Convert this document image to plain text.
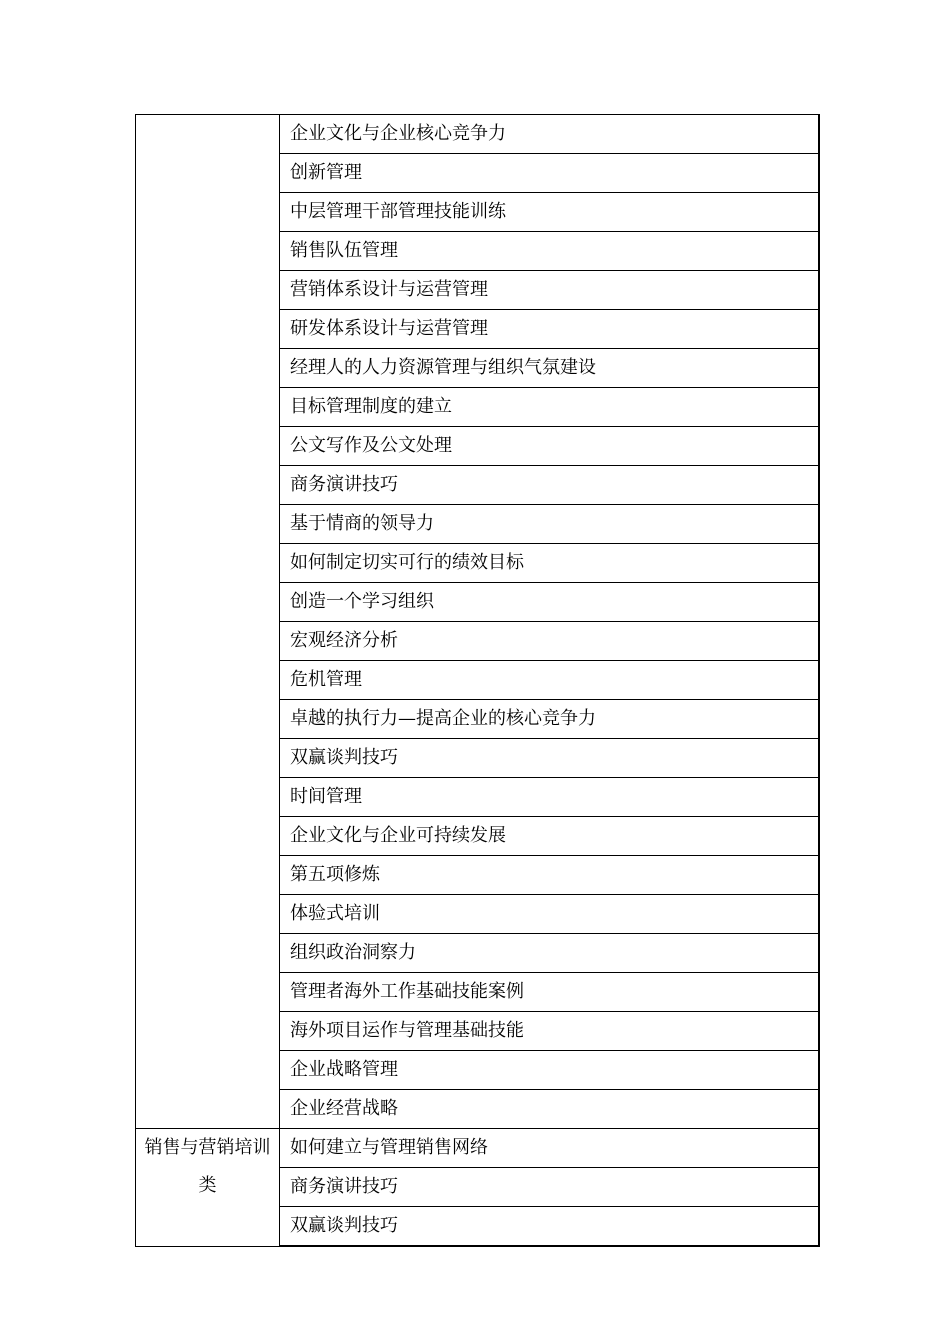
	企业文化与企业核心竞争力
	创新管理
	中层管理干部管理技能训练
	销售队伍管理
	营销体系设计与运营管理
	研发体系设计与运营管理
	经理人的人力资源管理与组织气氛建设
	目标管理制度的建立
	公文写作及公文处理
	商务演讲技巧
	基于情商的领导力
	如何制定切实可行的绩效目标
	创造一个学习组织
	宏观经济分析
	危机管理
	卓越的执行力—提高企业的核心竞争力
	双赢谈判技巧
	时间管理
	企业文化与企业可持续发展
	第五项修炼
	体验式培训
	组织政治洞察力
	管理者海外工作基础技能案例
	海外项目运作与管理基础技能
	企业战略管理
	企业经营战略

销售与营销培训类	如何建立与管理销售网络
	商务演讲技巧
	双赢谈判技巧
